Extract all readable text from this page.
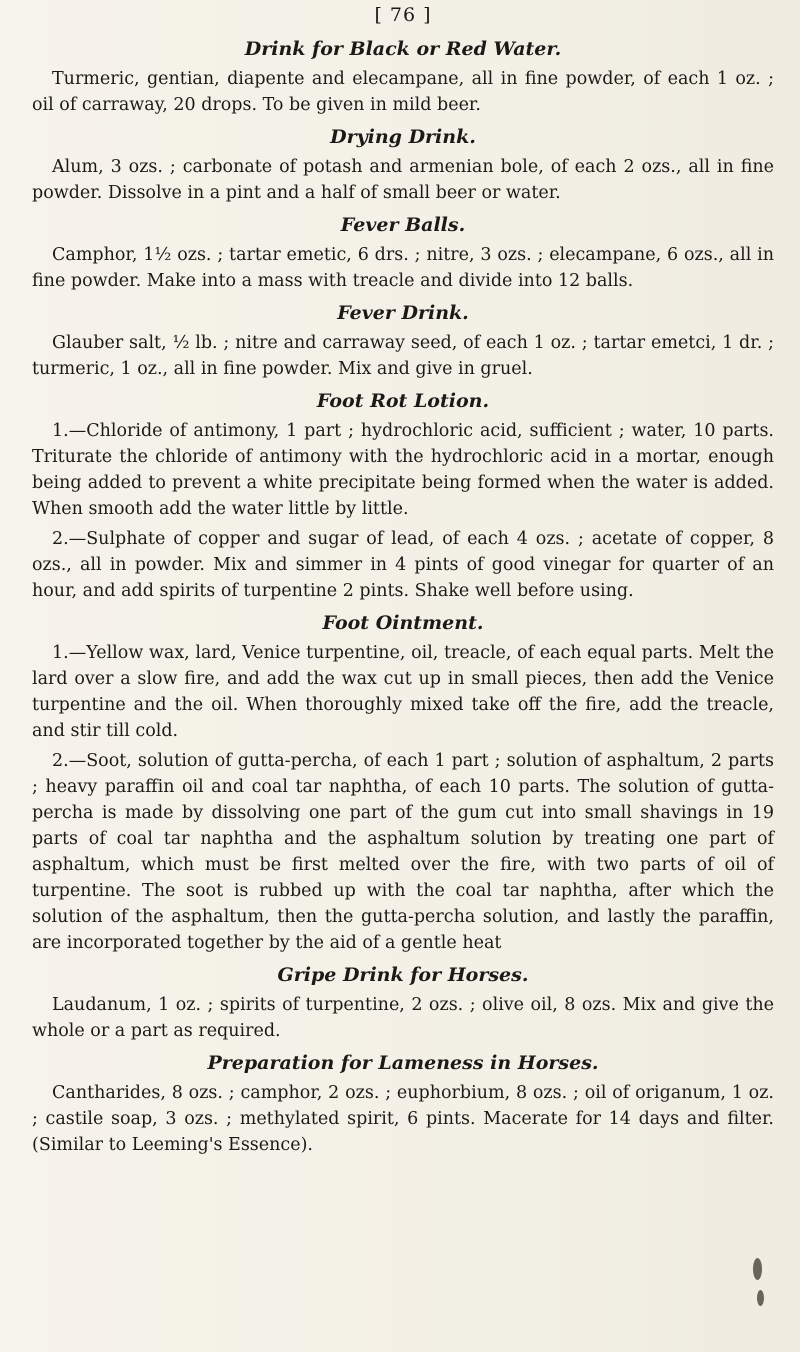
[ 76 ]
Drink for Black or Red Water.

Turmeric, gentian, diapente and elecampane, all in fine powder, of each 1 oz. ; oil of carraway, 20 drops. To be given in mild beer.

Drying Drink.

Alum, 3 ozs. ; carbonate of potash and armenian bole, of each 2 ozs., all in fine powder. Dissolve in a pint and a half of small beer or water.

Fever Balls.

Camphor, 1½ ozs. ; tartar emetic, 6 drs. ; nitre, 3 ozs. ; elecampane, 6 ozs., all in fine powder. Make into a mass with treacle and divide into 12 balls.

Fever Drink.

Glauber salt, ½ lb. ; nitre and carraway seed, of each 1 oz. ; tartar emetci, 1 dr. ; turmeric, 1 oz., all in fine powder. Mix and give in gruel.

Foot Rot Lotion.

1.—Chloride of antimony, 1 part ; hydrochloric acid, sufficient ; water, 10 parts. Triturate the chloride of antimony with the hydrochloric acid in a mortar, enough being added to prevent a white precipitate being formed when the water is added. When smooth add the water little by little.

2.—Sulphate of copper and sugar of lead, of each 4 ozs. ; acetate of copper, 8 ozs., all in powder. Mix and simmer in 4 pints of good vinegar for quarter of an hour, and add spirits of turpentine 2 pints. Shake well before using.

Foot Ointment.

1.—Yellow wax, lard, Venice turpentine, oil, treacle, of each equal parts. Melt the lard over a slow fire, and add the wax cut up in small pieces, then add the Venice turpentine and the oil. When thoroughly mixed take off the fire, add the treacle, and stir till cold.

2.—Soot, solution of gutta-percha, of each 1 part ; solution of asphaltum, 2 parts ; heavy paraffin oil and coal tar naphtha, of each 10 parts. The solution of gutta-percha is made by dissolving one part of the gum cut into small shavings in 19 parts of coal tar naphtha and the asphaltum solution by treating one part of asphaltum, which must be first melted over the fire, with two parts of oil of turpentine. The soot is rubbed up with the coal tar naphtha, after which the solution of the asphaltum, then the gutta-percha solution, and lastly the paraffin, are incorporated together by the aid of a gentle heat

Gripe Drink for Horses.

Laudanum, 1 oz. ; spirits of turpentine, 2 ozs. ; olive oil, 8 ozs. Mix and give the whole or a part as required.

Preparation for Lameness in Horses.

Cantharides, 8 ozs. ; camphor, 2 ozs. ; euphorbium, 8 ozs. ; oil of origanum, 1 oz. ; castile soap, 3 ozs. ; methylated spirit, 6 pints. Macerate for 14 days and filter. (Similar to Leeming's Essence).
